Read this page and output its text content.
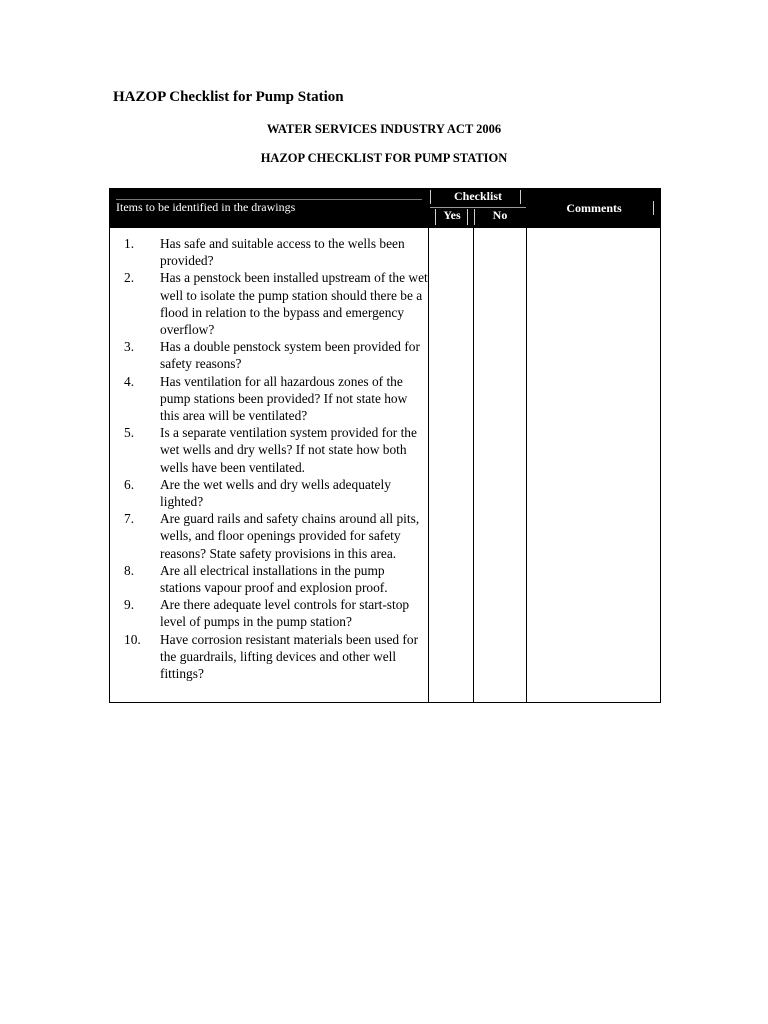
HAZOP Checklist for Pump Station
WATER SERVICES INDUSTRY ACT 2006
HAZOP CHECKLIST FOR PUMP STATION
Items to be identified in the drawings
Checklist
Yes	No	Comments
1.	Has safe and suitable access to the wells been provided?
2.	Has a penstock been installed upstream of the wet well to isolate the pump station should there be a flood in relation to the bypass and emergency overflow?
3.	Has a double penstock system been provided for safety reasons?
4.	Has ventilation for all hazardous zones of the pump stations been provided? If not state how this area will be ventilated?
5.	Is a separate ventilation system provided for the wet wells and dry wells? If not state how both wells have been ventilated.
6.	Are the wet wells and dry wells adequately lighted?
7.	Are guard rails and safety chains around all pits, wells, and floor openings provided for safety reasons? State safety provisions in this area.
8.	Are all electrical installations in the pump stations vapour proof and explosion proof.
9.	Are there adequate level controls for start-stop level of pumps in the pump station?
10.	Have corrosion resistant materials been used for the guardrails, lifting devices and other well fittings?
